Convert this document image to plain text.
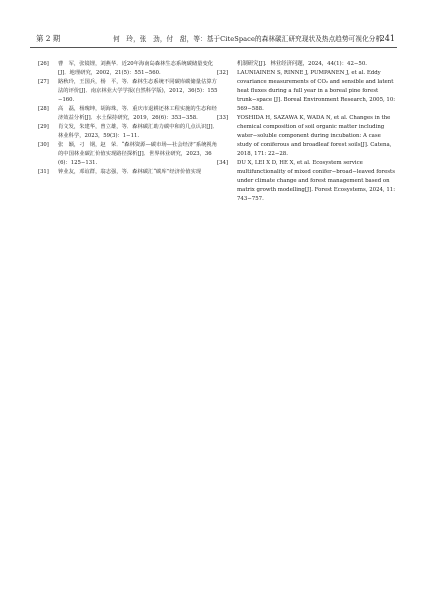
第 2 期	何　玲，张　劲，付　甜，等：基于CiteSpace的森林碳汇研究现状及热点趋势可视化分析
241
[26]	曹　军，张镜锂，刘燕华．近20年海南岛森林生态系统碳储量变化[J]．地理研究，2002，21(5)：551−560.
[27]	路秋玲，王国兵，杨　平，等．森林生态系统不同碳库碳储量估算方法的评价[J]．南京林业大学学报(自然科学版)，2012，36(5)：155−160.
[28]	高　磊，杨瑰坤，胡海珠，等．重庆市退耕还林工程实施的生态和经济效益分析[J]．水土保持研究，2019，26(6)：353−358.
[29]	肖文发，朱建华，曾立雄，等．森林碳汇助力碳中和的几点认识[J]．林业科学，2023，59(3)：1−11.
[30]	张　颖，刁　钢，赵　荣．“森林资源—碳市场—社会经济”系统视角的中国林业碳汇价值实现路径探析[J]．世界林业研究，2023，36(6)：125−131.
[31]	钟业友，邓谊群，翁志强，等．森林碳汇“碳库”经济价值实现
机制研究[J]．林业经济问题，2024，44(1)：42−50.
[32]	LAUNIAINEN S, RINNE J, PUMPANEN J, et al. Eddy covariance measurements of CO₂ and sensible and latent heat fluxes during a full year in a boreal pine forest trunk−space [J]. Boreal Environment Research, 2005, 10: 569−588.
[33]	YOSHIDA H, SAZAWA K, WADA N, et al. Changes in the chemical composition of soil organic matter including water−soluble component during incubation: A case study of coniferous and broadleaf forest soils[J]. Catena, 2018, 171: 22−28.
[34]	DU X, LEI X D, HE X, et al. Ecosystem service multifunctionality of mixed conifer−broad−leaved forests under climate change and forest management based on matrix growth modelling[J]. Forest Ecosystems, 2024, 11: 743−757.
